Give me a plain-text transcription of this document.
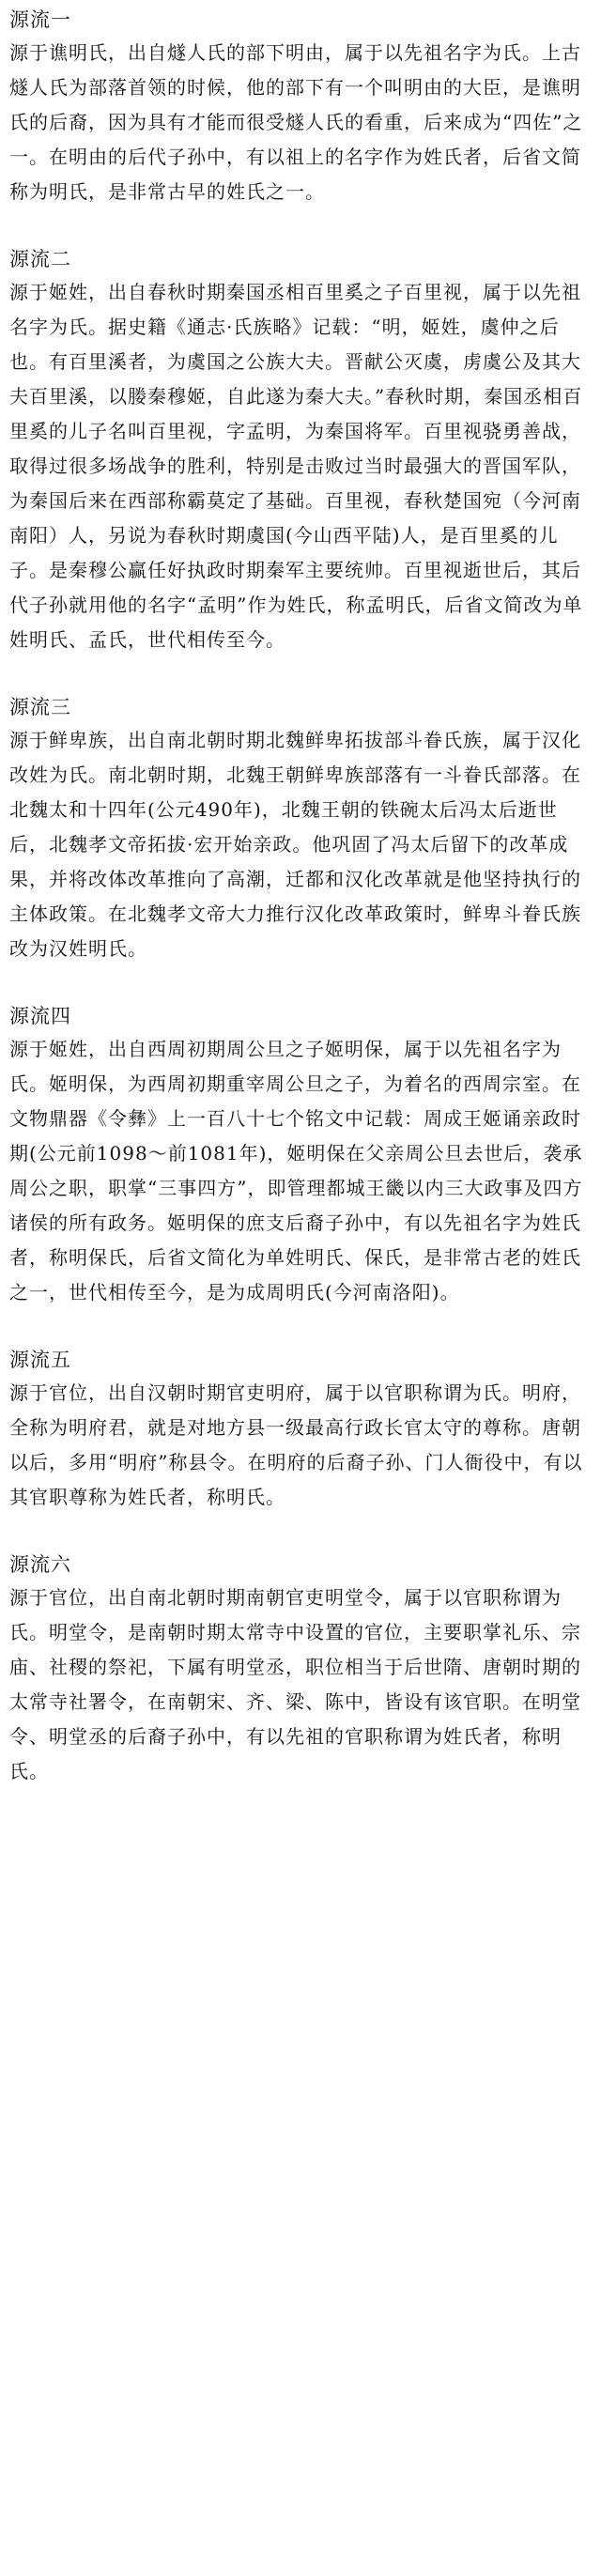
源流一
源于谯明氏，出自燧人氏的部下明由，属于以先祖名字为氏。上古燧人氏为部落首领的时候，他的部下有一个叫明由的大臣，是谯明氏的后裔，因为具有才能而很受燧人氏的看重，后来成为“四佐”之一。在明由的后代子孙中，有以祖上的名字作为姓氏者，后省文简称为明氏，是非常古早的姓氏之一。
源流二
源于姬姓，出自春秋时期秦国丞相百里奚之子百里视，属于以先祖名字为氏。据史籍《通志·氏族略》记载：“明，姬姓，虞仲之后也。有百里溪者，为虞国之公族大夫。晋献公灭虞，虏虞公及其大夫百里溪，以媵秦穆姬，自此遂为秦大夫。”春秋时期，秦国丞相百里奚的儿子名叫百里视，字孟明，为秦国将军。百里视骁勇善战，取得过很多场战争的胜利，特别是击败过当时最强大的晋国军队，为秦国后来在西部称霸莫定了基础。百里视，春秋楚国宛（今河南南阳）人，另说为春秋时期虞国(今山西平陆)人，是百里奚的儿子。是秦穆公赢任好执政时期秦军主要统帅。百里视逝世后，其后代子孙就用他的名字“孟明”作为姓氏，称孟明氏，后省文简改为单姓明氏、孟氏，世代相传至今。
源流三
源于鲜卑族，出自南北朝时期北魏鲜卑拓拔部斗眷氏族，属于汉化改姓为氏。南北朝时期，北魏王朝鲜卑族部落有一斗眷氏部落。在北魏太和十四年(公元490年)，北魏王朝的铁碗太后冯太后逝世后，北魏孝文帝拓拔·宏开始亲政。他巩固了冯太后留下的改革成果，并将改体改革推向了高潮，迁都和汉化改革就是他坚持执行的主体政策。在北魏孝文帝大力推行汉化改革政策时，鲜卑斗眷氏族改为汉姓明氏。
源流四
源于姬姓，出自西周初期周公旦之子姬明保，属于以先祖名字为氏。姬明保，为西周初期重宰周公旦之子，为着名的西周宗室。在文物鼎器《令彝》上一百八十七个铭文中记载：周成王姬诵亲政时期(公元前1098～前1081年)，姬明保在父亲周公旦去世后，袭承周公之职，职掌“三事四方”，即管理都城王畿以内三大政事及四方诸侯的所有政务。姬明保的庶支后裔子孙中，有以先祖名字为姓氏者，称明保氏，后省文简化为单姓明氏、保氏，是非常古老的姓氏之一，世代相传至今，是为成周明氏(今河南洛阳)。
源流五
源于官位，出自汉朝时期官吏明府，属于以官职称谓为氏。明府，全称为明府君，就是对地方县一级最高行政长官太守的尊称。唐朝以后，多用“明府”称县令。在明府的后裔子孙、门人衙役中，有以其官职尊称为姓氏者，称明氏。
源流六
源于官位，出自南北朝时期南朝官吏明堂令，属于以官职称谓为氏。明堂令，是南朝时期太常寺中设置的官位，主要职掌礼乐、宗庙、社稷的祭祀，下属有明堂丞，职位相当于后世隋、唐朝时期的太常寺社署令，在南朝宋、齐、梁、陈中，皆设有该官职。在明堂令、明堂丞的后裔子孙中，有以先祖的官职称谓为姓氏者，称明氏。
